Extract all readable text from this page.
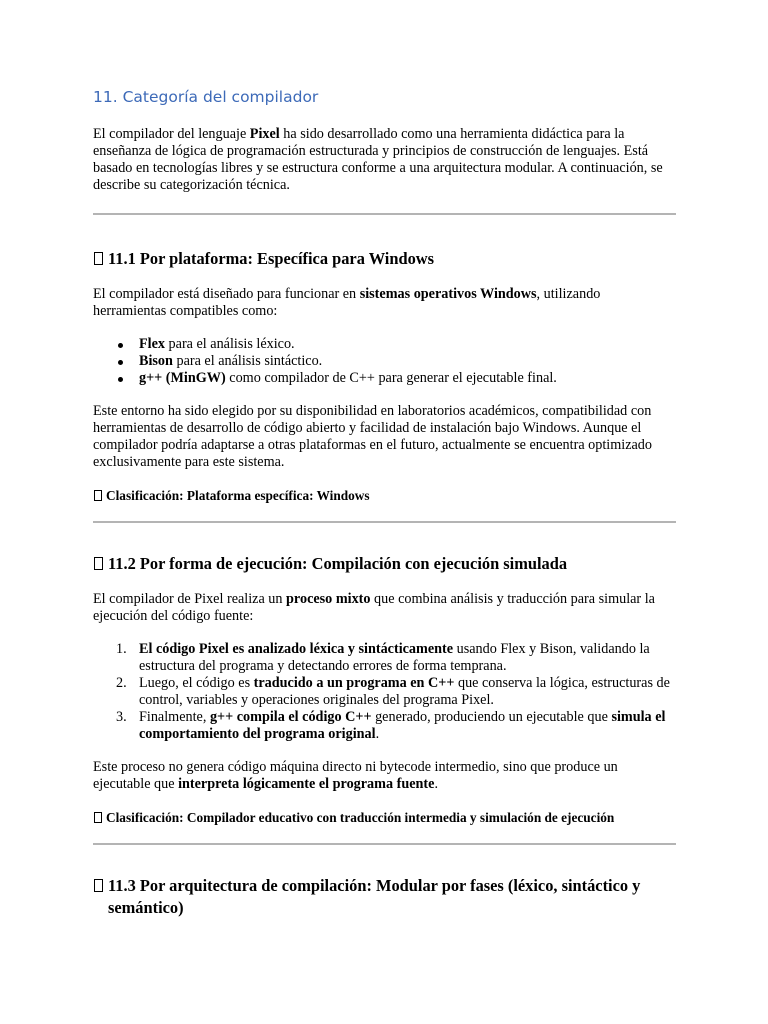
11. Categoría del compilador

El compilador del lenguaje Pixel ha sido desarrollado como una herramienta didáctica para la enseñanza de lógica de programación estructurada y principios de construcción de lenguajes. Está basado en tecnologías libres y se estructura conforme a una arquitectura modular. A continuación, se describe su categorización técnica.

11.1 Por plataforma: Específica para Windows

El compilador está diseñado para funcionar en sistemas operativos Windows, utilizando herramientas compatibles como:

Flex para el análisis léxico.
Bison para el análisis sintáctico.
g++ (MinGW) como compilador de C++ para generar el ejecutable final.

Este entorno ha sido elegido por su disponibilidad en laboratorios académicos, compatibilidad con herramientas de desarrollo de código abierto y facilidad de instalación bajo Windows. Aunque el compilador podría adaptarse a otras plataformas en el futuro, actualmente se encuentra optimizado exclusivamente para este sistema.

Clasificación: Plataforma específica: Windows
11.2 Por forma de ejecución: Compilación con ejecución simulada

El compilador de Pixel realiza un proceso mixto que combina análisis y traducción para simular la ejecución del código fuente:

1. El código Pixel es analizado léxica y sintácticamente usando Flex y Bison, validando la estructura del programa y detectando errores de forma temprana.
2. Luego, el código es traducido a un programa en C++ que conserva la lógica, estructuras de control, variables y operaciones originales del programa Pixel.
3. Finalmente, g++ compila el código C++ generado, produciendo un ejecutable que simula el comportamiento del programa original.

Este proceso no genera código máquina directo ni bytecode intermedio, sino que produce un ejecutable que interpreta lógicamente el programa fuente.

Clasificación: Compilador educativo con traducción intermedia y simulación de ejecución
11.3 Por arquitectura de compilación: Modular por fases (léxico, sintáctico y semántico)
